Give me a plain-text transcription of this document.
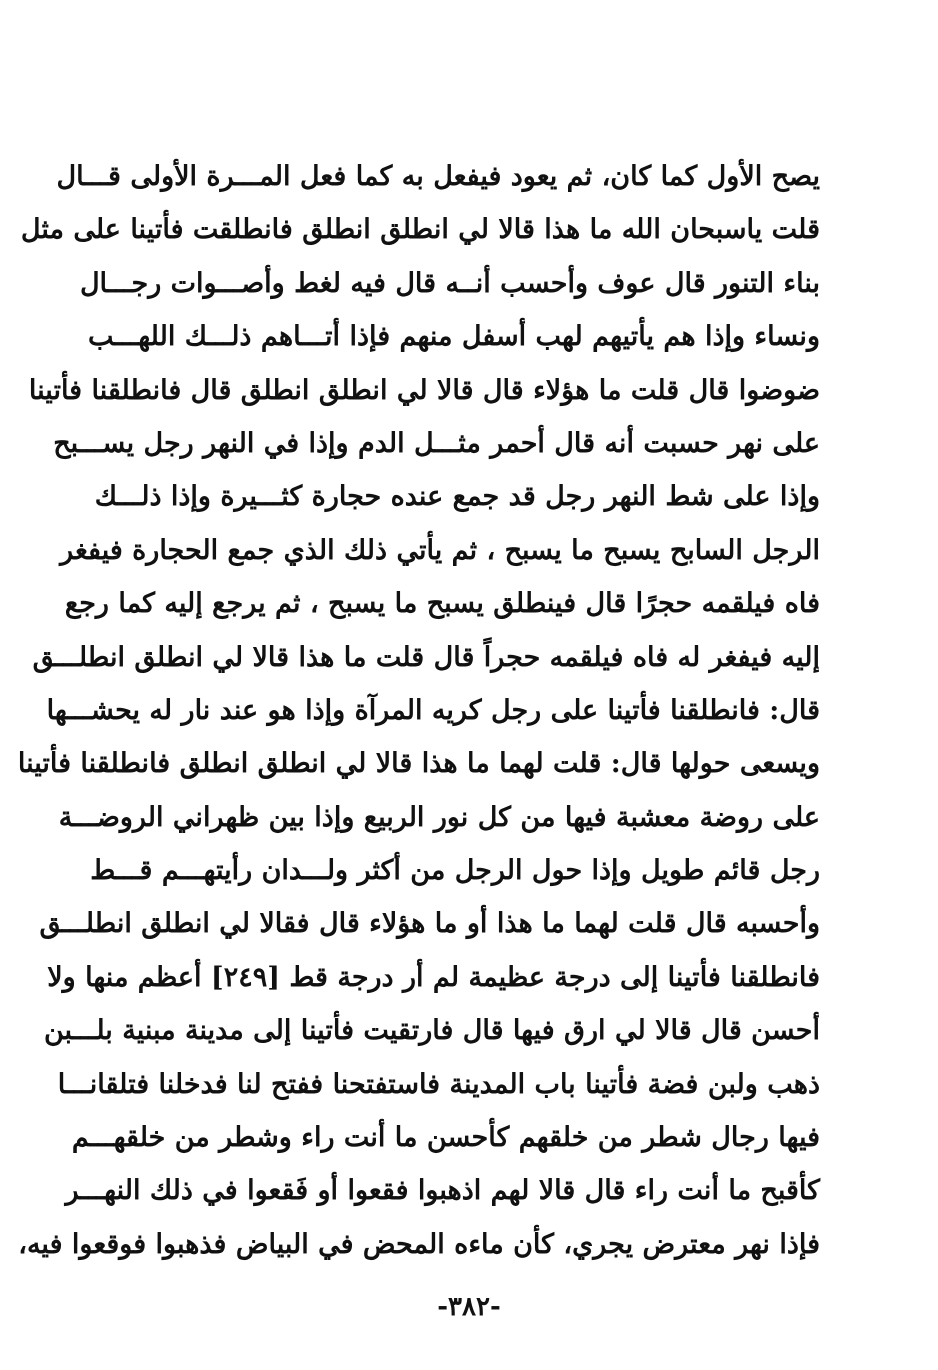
يصح الأول كما كان، ثم يعود فيفعل به كما فعل المـــرة الأولى قـــال
قلت ياسبحان الله ما هذا قالا لي انطلق انطلق فانطلقت فأتينا على مثل
بناء التنور قال عوف وأحسب أنــه قال فيه لغط وأصـــوات رجـــال
ونساء وإذا هم يأتيهم لهب أسفل منهم فإذا أتـــاهم ذلـــك اللهـــب
ضوضوا قال قلت ما هؤلاء قال قالا لي انطلق انطلق قال فانطلقنا فأتينا
على نهر حسبت أنه قال أحمر مثـــل الدم وإذا في النهر رجل يســـبح
وإذا على شط النهر رجل قد جمع عنده حجارة كثـــيرة وإذا ذلـــك
الرجل السابح يسبح ما يسبح ، ثم يأتي ذلك الذي جمع الحجارة فيفغر
فاه فيلقمه حجرًا قال فينطلق يسبح ما يسبح ، ثم يرجع إليه كما رجع
إليه فيفغر له فاه فيلقمه حجراً قال قلت ما هذا قالا لي انطلق انطلـــق
قال: فانطلقنا فأتينا على رجل كريه المرآة وإذا هو عند نار له يحشـــها
ويسعى حولها قال: قلت لهما ما هذا قالا لي انطلق انطلق فانطلقنا فأتينا
على روضة معشبة فيها من كل نور الربيع وإذا بين ظهراني الروضـــة
رجل قائم طويل وإذا حول الرجل من أكثر ولـــدان رأيتهـــم قـــط
وأحسبه قال قلت لهما ما هذا أو ما هؤلاء قال فقالا لي انطلق انطلـــق
فانطلقنا فأتينا إلى درجة عظيمة لم أر درجة قط [٢٤٩] أعظم منها ولا
أحسن قال قالا لي ارق فيها قال فارتقيت فأتينا إلى مدينة مبنية بلـــبن
ذهب ولبن فضة فأتينا باب المدينة فاستفتحنا ففتح لنا فدخلنا فتلقانـــا
فيها رجال شطر من خلقهم كأحسن ما أنت راء وشطر من خلقهـــم
كأقبح ما أنت راء قال قالا لهم اذهبوا فقعوا أو فَقعوا في ذلك النهـــر
فإذا نهر معترض يجري، كأن ماءه المحض في البياض فذهبوا فوقعوا فيه،
-٣٨٢-
